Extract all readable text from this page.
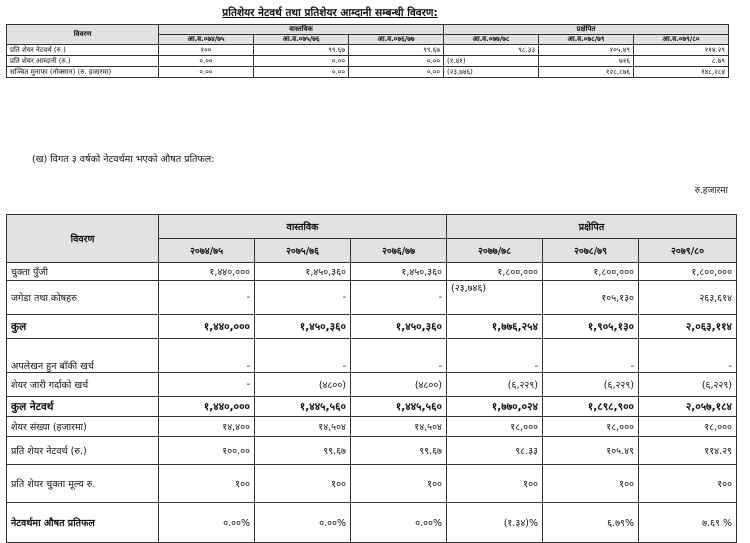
प्रतिशेयर नेटवर्थ तथा प्रतिशेयर आम्दानी सम्बन्धी विवरण:
विवरण	वास्तविक			प्रक्षेपित		
	आ.व.०७४/७५	आ.व.०७५/७६	आ.व.०७६/७७	आ.व.०७७/७८	आ.व.०७८/७९	आ.व.०७९/८०
प्रति शेयर नेटवर्थ (रु.)	१००	९९.६७	९९.६७	९८.३३	१०५.४९	११४.२९
प्रति शेयर आम्दानी (रु.)	०.००	०.००	०.००	(१.४१)	७१६	८.७९
सञ्चित मुनाफा (नोक्सान) (रु. हजारमा)	०.००	०.००	०.००	(२३,७४६)	१२८,८७६	१४८,२८४
(ख) विगत ३ वर्षको नेटवर्थमा भएको औषत प्रतिफल:
रु.हजारमा
विवरण	वास्तविक			प्रक्षेपित		
	२०७४/७५	२०७५/७६	२०७६/७७	२०७७/७८	२०७८/७९	२०७९/८०
चुक्ता पुँजी	१,४४०,०००	१,४५०,३६०	१,४५०,३६०	१,८००,०००	१,८००,०००	१,८००,०००
जगेडा तथा कोषहरु	-	-	-	(२३,७४६)	१०५,१३०	२६३,६१४
कुल	१,४४०,०००	१,४५०,३६०	१,४५०,३६०	१,७७६,२५४	१,९०५,१३०	२,०६३,११४
अपलेखन हुन बाँकी खर्च	-	-	-	-	-	-
शेयर जारी गर्दाको खर्च	-	(४८००)	(४८००)	(६,२२९)	(६,२२९)	(६,२२९)
कुल नेटवर्थ	१,४४०,०००	१,४४५,५६०	१,४४५,५६०	१,७७०,०२४	१,८९८,९००	२,०५७,१८४
शेयर संख्या (हजारमा)	१४,४००	१४,५०४	१४,५०४	१८,०००	१८,०००	१८,०००
प्रति शेयर नेटवर्थ (रु.)	१००.००	९९.६७	९९.६७	९८.३३	१०५.४९	११४.२९
प्रति शेयर चुक्ता मूल्य रु.	१००	१००	१००	१००	१००	१००
नेटवर्थमा औषत प्रतिफल	०.००%	०.००%	०.००%	(१.३४)%	६.७९%	७.६९ %
